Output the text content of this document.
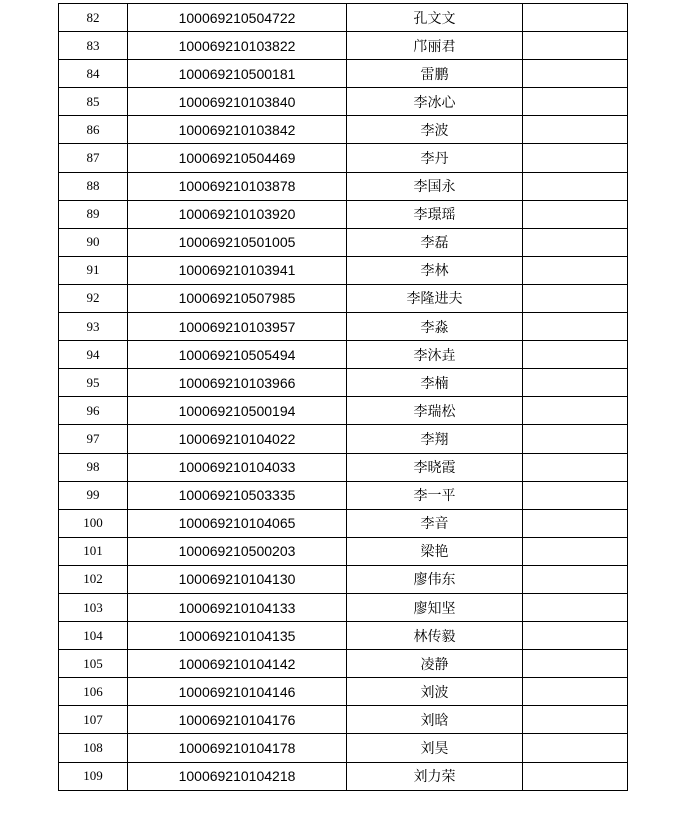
82	100069210504722	孔文文	
83	100069210103822	邝丽君	
84	100069210500181	雷鹏	
85	100069210103840	李冰心	
86	100069210103842	李波	
87	100069210504469	李丹	
88	100069210103878	李国永	
89	100069210103920	李璟瑶	
90	100069210501005	李磊	
91	100069210103941	李林	
92	100069210507985	李隆进夫	
93	100069210103957	李淼	
94	100069210505494	李沐垚	
95	100069210103966	李楠	
96	100069210500194	李瑞松	
97	100069210104022	李翔	
98	100069210104033	李晓霞	
99	100069210503335	李一平	
100	100069210104065	李音	
101	100069210500203	梁艳	
102	100069210104130	廖伟东	
103	100069210104133	廖知坚	
104	100069210104135	林传毅	
105	100069210104142	凌静	
106	100069210104146	刘波	
107	100069210104176	刘晗	
108	100069210104178	刘昊	
109	100069210104218	刘力荣	
